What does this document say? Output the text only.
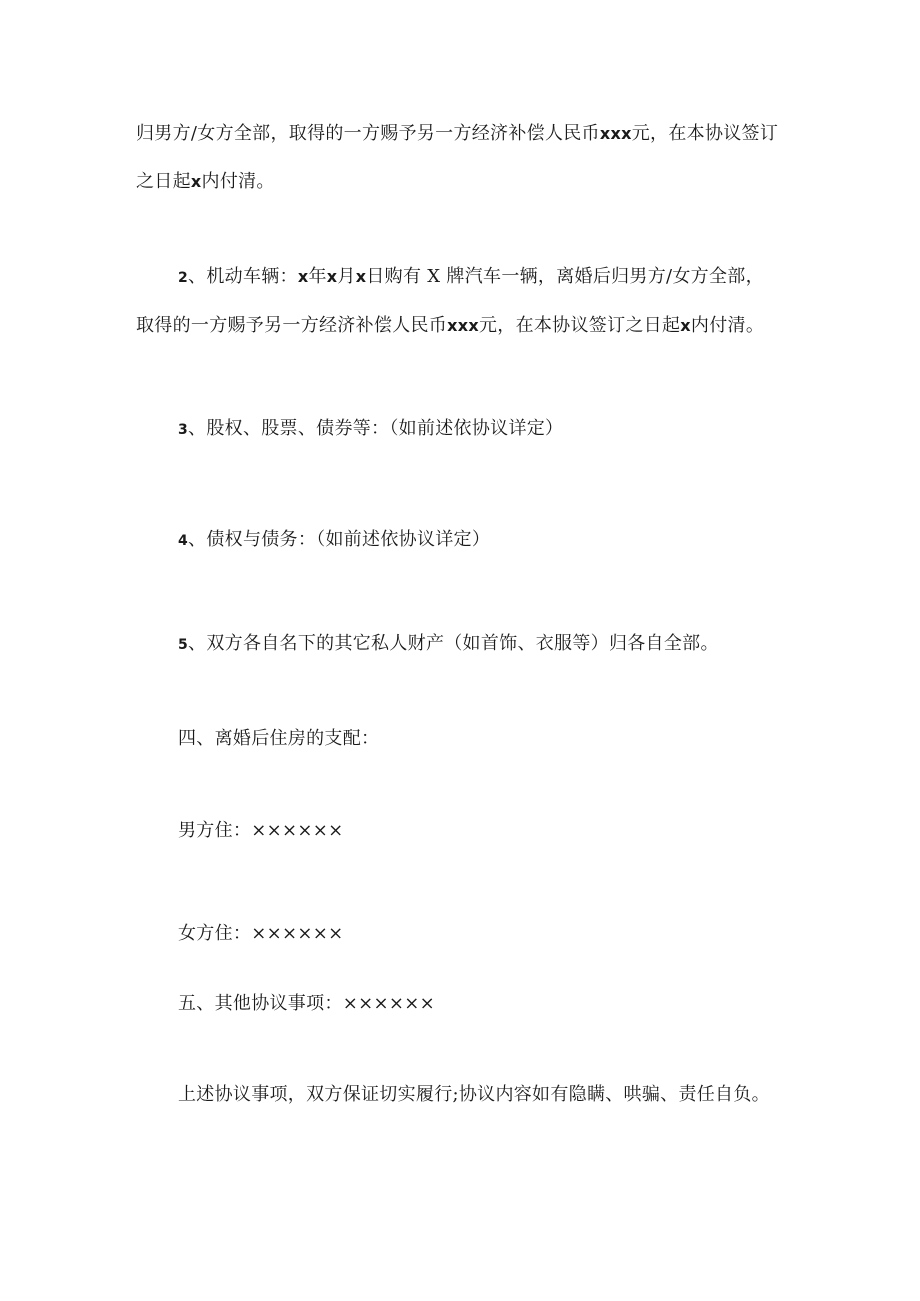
归男方/女方全部，取得的一方赐予另一方经济补偿人民币xxx元，在本协议签订
之日起x内付清。
2、机动车辆：x年x月x日购有 X 牌汽车一辆，离婚后归男方/女方全部，
取得的一方赐予另一方经济补偿人民币xxx元，在本协议签订之日起x内付清。
3、股权、股票、债券等：（如前述依协议详定）
4、债权与债务：（如前述依协议详定）
5、双方各自名下的其它私人财产（如首饰、衣服等）归各自全部。
四、离婚后住房的支配：
男方住：××××××
女方住：××××××
五、其他协议事项：××××××
上述协议事项，双方保证切实履行;协议内容如有隐瞒、哄骗、责任自负。
